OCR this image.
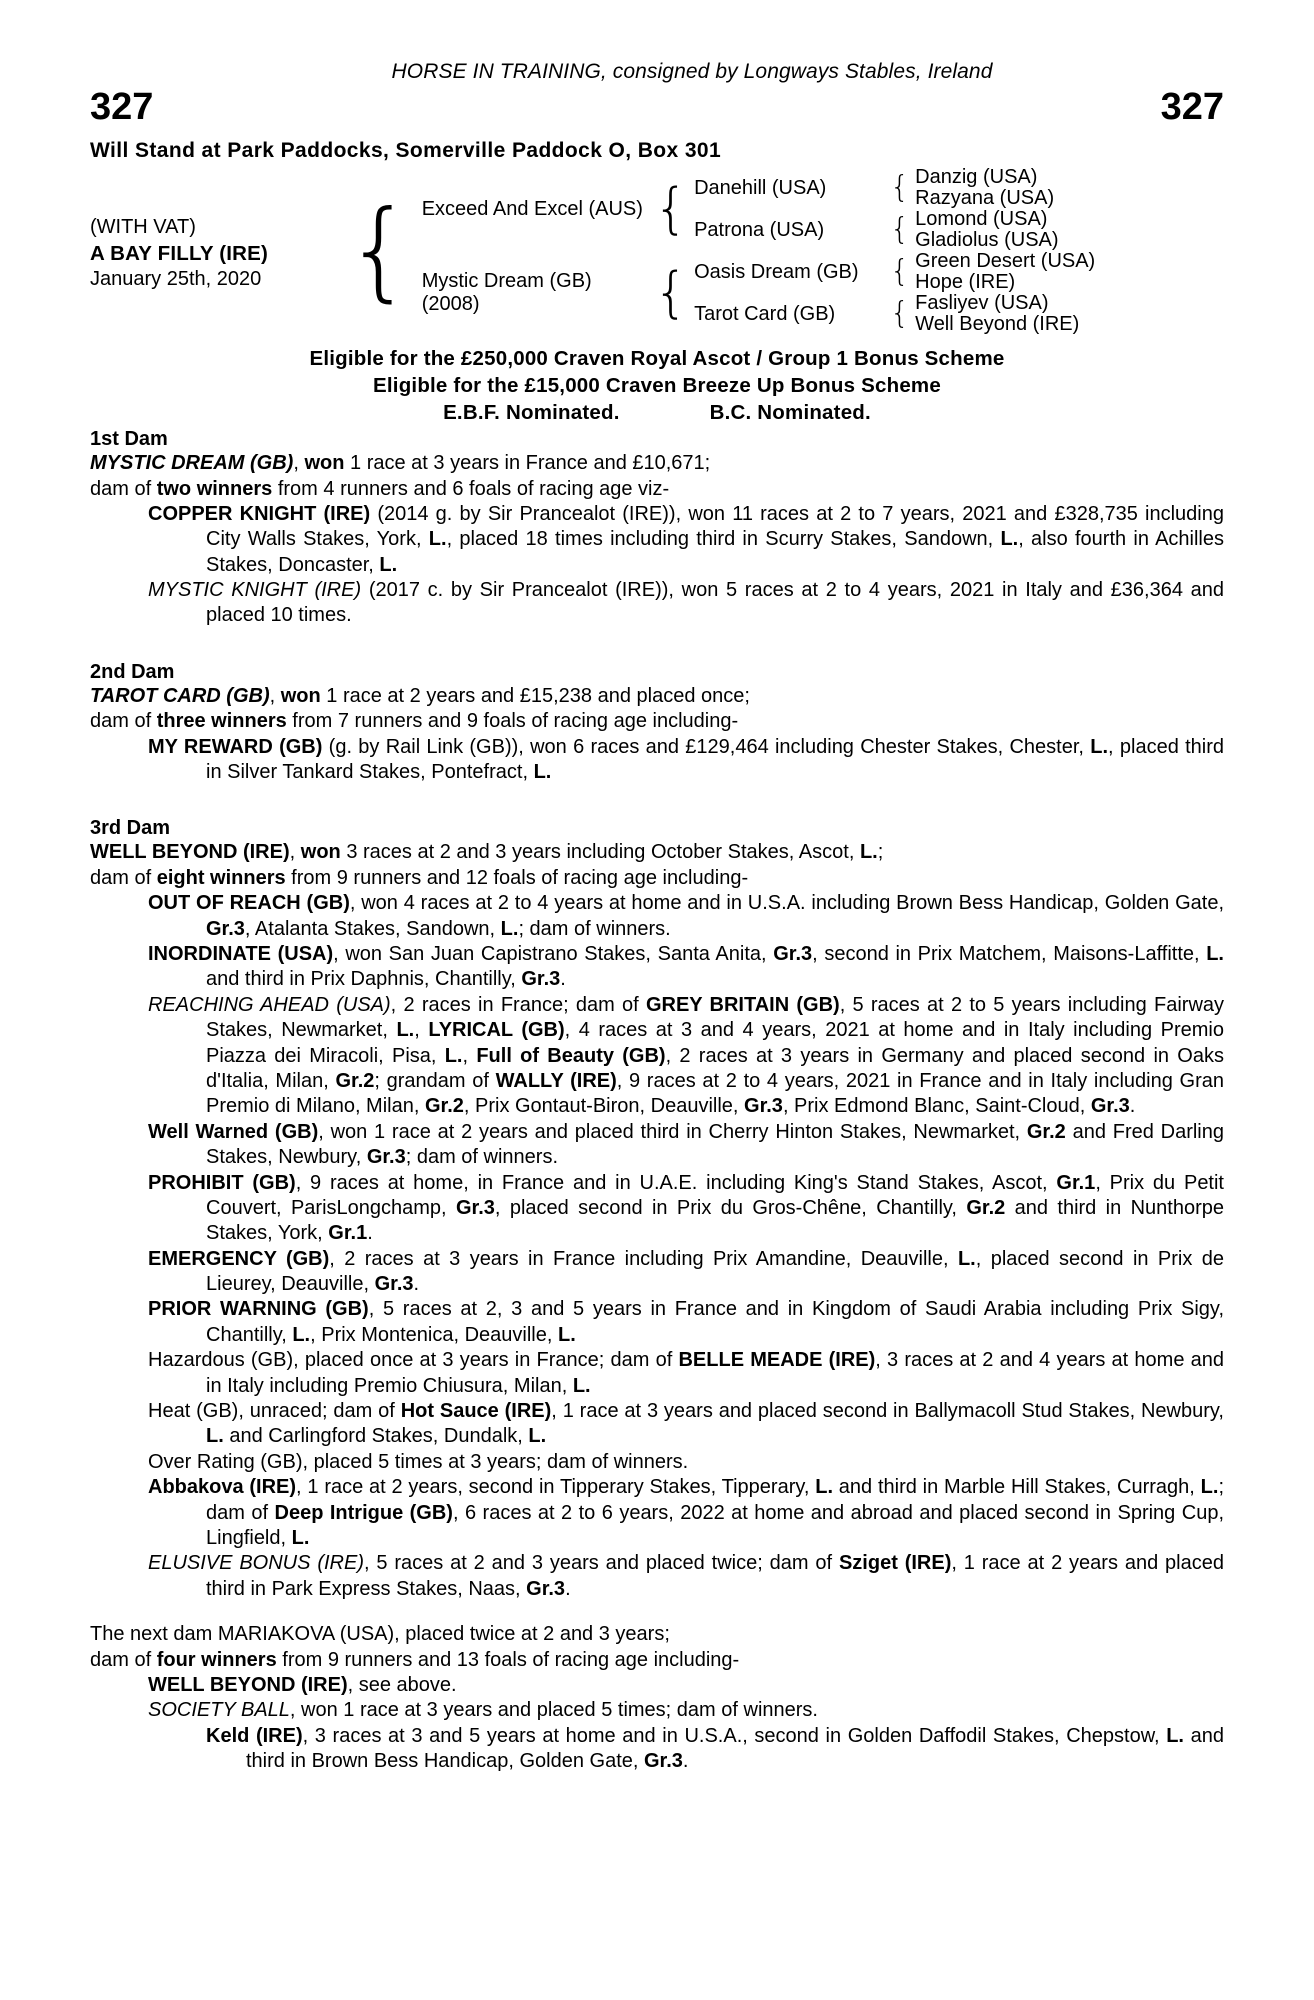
HORSE IN TRAINING, consigned by Longways Stables, Ireland
327	327
Will Stand at Park Paddocks, Somerville Paddock O, Box 301
(WITH VAT)
A BAY FILLY (IRE)
January 25th, 2020 { Exceed And Excel (AUS)
Mystic Dream (GB)
(2008)
{
{
Danehill (USA)
Patrona (USA)
Oasis Dream (GB)
Tarot Card (GB)
{
{
{
{
Danzig (USA)
Razyana (USA)
Lomond (USA)
Gladiolus (USA)
Green Desert (USA)
Hope (IRE)
Fasliyev (USA)
Well Beyond (IRE)
Eligible for the £250,000 Craven Royal Ascot / Group 1 Bonus Scheme
Eligible for the £15,000 Craven Breeze Up Bonus Scheme
E.B.F. Nominated.	B.C. Nominated.
1st Dam

MYSTIC DREAM (GB), won 1 race at 3 years in France and £10,671;

dam of two winners from 4 runners and 6 foals of racing age viz-

COPPER KNIGHT (IRE) (2014 g. by Sir Prancealot (IRE)), won 11 races at 2 to 7 years, 2021 and £328,735 including City Walls Stakes, York, L., placed 18 times including third in Scurry Stakes, Sandown, L., also fourth in Achilles Stakes, Doncaster, L.

MYSTIC KNIGHT (IRE) (2017 c. by Sir Prancealot (IRE)), won 5 races at 2 to 4 years, 2021 in Italy and £36,364 and placed 10 times.

2nd Dam

TAROT CARD (GB), won 1 race at 2 years and £15,238 and placed once;

dam of three winners from 7 runners and 9 foals of racing age including-

MY REWARD (GB) (g. by Rail Link (GB)), won 6 races and £129,464 including Chester Stakes, Chester, L., placed third in Silver Tankard Stakes, Pontefract, L.

3rd Dam

WELL BEYOND (IRE), won 3 races at 2 and 3 years including October Stakes, Ascot, L.;

dam of eight winners from 9 runners and 12 foals of racing age including-

OUT OF REACH (GB), won 4 races at 2 to 4 years at home and in U.S.A. including Brown Bess Handicap, Golden Gate, Gr.3, Atalanta Stakes, Sandown, L.; dam of winners.

INORDINATE (USA), won San Juan Capistrano Stakes, Santa Anita, Gr.3, second in Prix Matchem, Maisons-Laffitte, L. and third in Prix Daphnis, Chantilly, Gr.3.

REACHING AHEAD (USA), 2 races in France; dam of GREY BRITAIN (GB), 5 races at 2 to 5 years including Fairway Stakes, Newmarket, L., LYRICAL (GB), 4 races at 3 and 4 years, 2021 at home and in Italy including Premio Piazza dei Miracoli, Pisa, L., Full of Beauty (GB), 2 races at 3 years in Germany and placed second in Oaks d'Italia, Milan, Gr.2; grandam of WALLY (IRE), 9 races at 2 to 4 years, 2021 in France and in Italy including Gran Premio di Milano, Milan, Gr.2, Prix Gontaut-Biron, Deauville, Gr.3, Prix Edmond Blanc, Saint-Cloud, Gr.3.

Well Warned (GB), won 1 race at 2 years and placed third in Cherry Hinton Stakes, Newmarket, Gr.2 and Fred Darling Stakes, Newbury, Gr.3; dam of winners.

PROHIBIT (GB), 9 races at home, in France and in U.A.E. including King's Stand Stakes, Ascot, Gr.1, Prix du Petit Couvert, ParisLongchamp, Gr.3, placed second in Prix du Gros-Chêne, Chantilly, Gr.2 and third in Nunthorpe Stakes, York, Gr.1.

EMERGENCY (GB), 2 races at 3 years in France including Prix Amandine, Deauville, L., placed second in Prix de Lieurey, Deauville, Gr.3.

PRIOR WARNING (GB), 5 races at 2, 3 and 5 years in France and in Kingdom of Saudi Arabia including Prix Sigy, Chantilly, L., Prix Montenica, Deauville, L.

Hazardous (GB), placed once at 3 years in France; dam of BELLE MEADE (IRE), 3 races at 2 and 4 years at home and in Italy including Premio Chiusura, Milan, L.

Heat (GB), unraced; dam of Hot Sauce (IRE), 1 race at 3 years and placed second in Ballymacoll Stud Stakes, Newbury, L. and Carlingford Stakes, Dundalk, L.

Over Rating (GB), placed 5 times at 3 years; dam of winners.

Abbakova (IRE), 1 race at 2 years, second in Tipperary Stakes, Tipperary, L. and third in Marble Hill Stakes, Curragh, L.; dam of Deep Intrigue (GB), 6 races at 2 to 6 years, 2022 at home and abroad and placed second in Spring Cup, Lingfield, L.

ELUSIVE BONUS (IRE), 5 races at 2 and 3 years and placed twice; dam of Sziget (IRE), 1 race at 2 years and placed third in Park Express Stakes, Naas, Gr.3.

The next dam MARIAKOVA (USA), placed twice at 2 and 3 years;

dam of four winners from 9 runners and 13 foals of racing age including-

WELL BEYOND (IRE), see above.

SOCIETY BALL, won 1 race at 3 years and placed 5 times; dam of winners.

Keld (IRE), 3 races at 3 and 5 years at home and in U.S.A., second in Golden Daffodil Stakes, Chepstow, L. and third in Brown Bess Handicap, Golden Gate, Gr.3.
